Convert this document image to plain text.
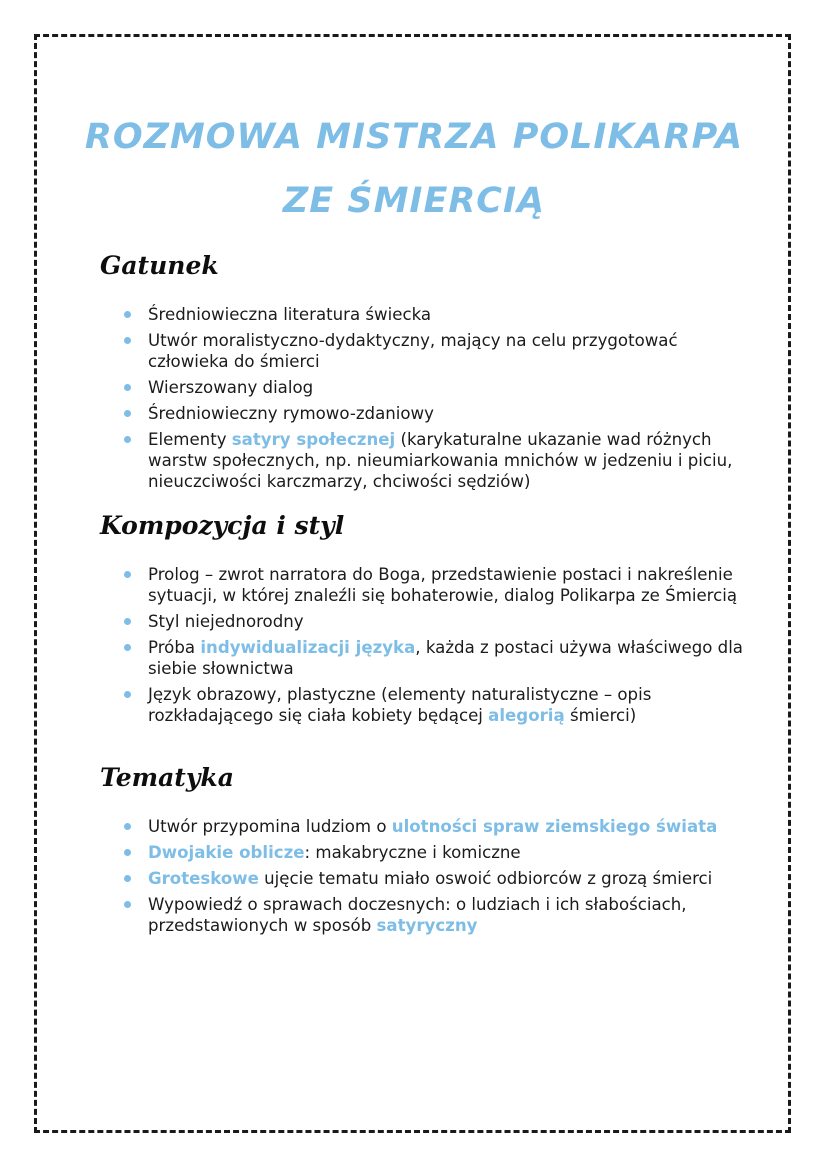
ROZMOWA MISTRZA POLIKARPA ZE ŚMIERCIĄ
Gatunek
Średniowieczna literatura świecka
Utwór moralistyczno-dydaktyczny, mający na celu przygotować człowieka do śmierci
Wierszowany dialog
Średniowieczny rymowo-zdaniowy
Elementy satyry społecznej (karykaturalne ukazanie wad różnych warstw społecznych, np. nieumiarkowania mnichów w jedzeniu i piciu, nieuczciwości karczmarzy, chciwości sędziów)
Kompozycja i styl
Prolog – zwrot narratora do Boga, przedstawienie postaci i nakreślenie sytuacji, w której znaleźli się bohaterowie, dialog Polikarpa ze Śmiercią
Styl niejednorodny
Próba indywidualizacji języka, każda z postaci używa właściwego dla siebie słownictwa
Język obrazowy, plastyczne (elementy naturalistyczne – opis rozkładającego się ciała kobiety będącej alegorią śmierci)
Tematyka
Utwór przypomina ludziom o ulotności spraw ziemskiego świata
Dwojakie oblicze: makabryczne i komiczne
Groteskowe ujęcie tematu miało oswoić odbiorców z grozą śmierci
Wypowiedź o sprawach doczesnych: o ludziach i ich słabościach, przedstawionych w sposób satyryczny
